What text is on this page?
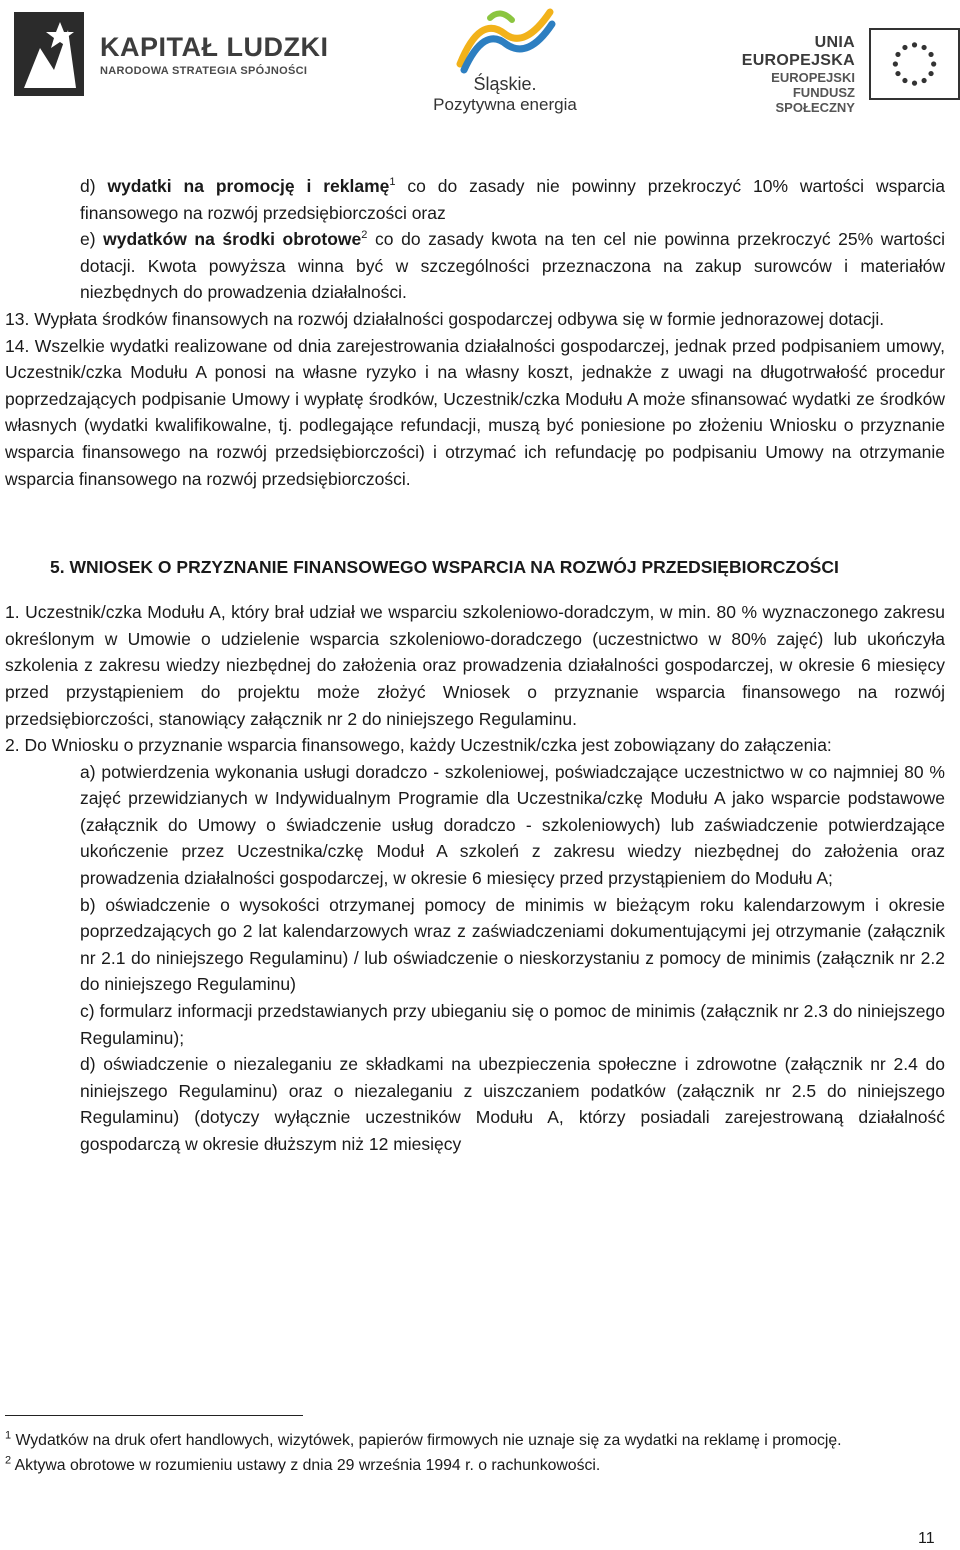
KAPITAŁ LUDZKI
NARODOWA STRATEGIA SPÓJNOŚCI
Śląskie.
Pozytywna energia
UNIA EUROPEJSKA
EUROPEJSKI
FUNDUSZ SPOŁECZNY

d) wydatki na promocję i reklamę$^1$ co do zasady nie powinny przekroczyć 10% wartości wsparcia finansowego na rozwój przedsiębiorczości oraz

e) wydatków na środki obrotowe$^2$ co do zasady kwota na ten cel nie powinna przekroczyć 25% wartości dotacji. Kwota powyższa winna być w szczególności przeznaczona na zakup surowców i materiałów niezbędnych do prowadzenia działalności.

13. Wypłata środków finansowych na rozwój działalności gospodarczej odbywa się w formie jednorazowej dotacji.

14. Wszelkie wydatki realizowane od dnia zarejestrowania działalności gospodarczej, jednak przed podpisaniem umowy, Uczestnik/czka Modułu A ponosi na własne ryzyko i na własny koszt, jednakże z uwagi na długotrwałość procedur poprzedzających podpisanie Umowy i wypłatę środków, Uczestnik/czka Modułu A może sfinansować wydatki ze środków własnych (wydatki kwalifikowalne, tj. podlegające refundacji, muszą być poniesione po złożeniu Wniosku o przyznanie wsparcia finansowego na rozwój przedsiębiorczości) i otrzymać ich refundację po podpisaniu Umowy na otrzymanie wsparcia finansowego na rozwój przedsiębiorczości.

5. WNIOSEK O PRZYZNANIE FINANSOWEGO WSPARCIA NA ROZWÓJ PRZEDSIĘBIORCZOŚCI

1. Uczestnik/czka Modułu A, który brał udział we wsparciu szkoleniowo-doradczym, w min. 80 % wyznaczonego zakresu określonym w Umowie o udzielenie wsparcia szkoleniowo-doradczego (uczestnictwo w 80% zajęć) lub ukończyła szkolenia z zakresu wiedzy niezbędnej do założenia oraz prowadzenia działalności gospodarczej, w okresie 6 miesięcy przed przystąpieniem do projektu może złożyć Wniosek o przyznanie wsparcia finansowego na rozwój przedsiębiorczości, stanowiący załącznik nr 2 do niniejszego Regulaminu.

2. Do Wniosku o przyznanie wsparcia finansowego, każdy Uczestnik/czka jest zobowiązany do załączenia:

a) potwierdzenia wykonania usługi doradczo - szkoleniowej, poświadczające uczestnictwo w co najmniej 80 % zajęć przewidzianych w Indywidualnym Programie dla Uczestnika/czkę Modułu A jako wsparcie podstawowe (załącznik do Umowy o świadczenie usług doradczo - szkoleniowych) lub zaświadczenie potwierdzające ukończenie przez Uczestnika/czkę Moduł A szkoleń z zakresu wiedzy niezbędnej do założenia oraz prowadzenia działalności gospodarczej, w okresie 6 miesięcy przed przystąpieniem do Modułu A;

b) oświadczenie o wysokości otrzymanej pomocy de minimis w bieżącym roku kalendarzowym i okresie poprzedzających go 2 lat kalendarzowych wraz z zaświadczeniami dokumentującymi jej otrzymanie (załącznik nr 2.1 do niniejszego Regulaminu) / lub oświadczenie o nieskorzystaniu z pomocy de minimis (załącznik nr 2.2 do niniejszego Regulaminu)

c) formularz informacji przedstawianych przy ubieganiu się o pomoc de minimis (załącznik nr 2.3 do niniejszego Regulaminu);

d) oświadczenie o niezaleganiu ze składkami na ubezpieczenia społeczne i zdrowotne (załącznik nr 2.4 do niniejszego Regulaminu) oraz o niezaleganiu z uiszczaniem podatków (załącznik nr 2.5 do niniejszego Regulaminu) (dotyczy wyłącznie uczestników Modułu A, którzy posiadali zarejestrowaną działalność gospodarczą w okresie dłuższym niż 12 miesięcy

$^1$ Wydatków na druk ofert handlowych, wizytówek, papierów firmowych nie uznaje się za wydatki na reklamę i promocję.

$^2$ Aktywa obrotowe w rozumieniu ustawy z dnia 29 września 1994 r. o rachunkowości.

11
